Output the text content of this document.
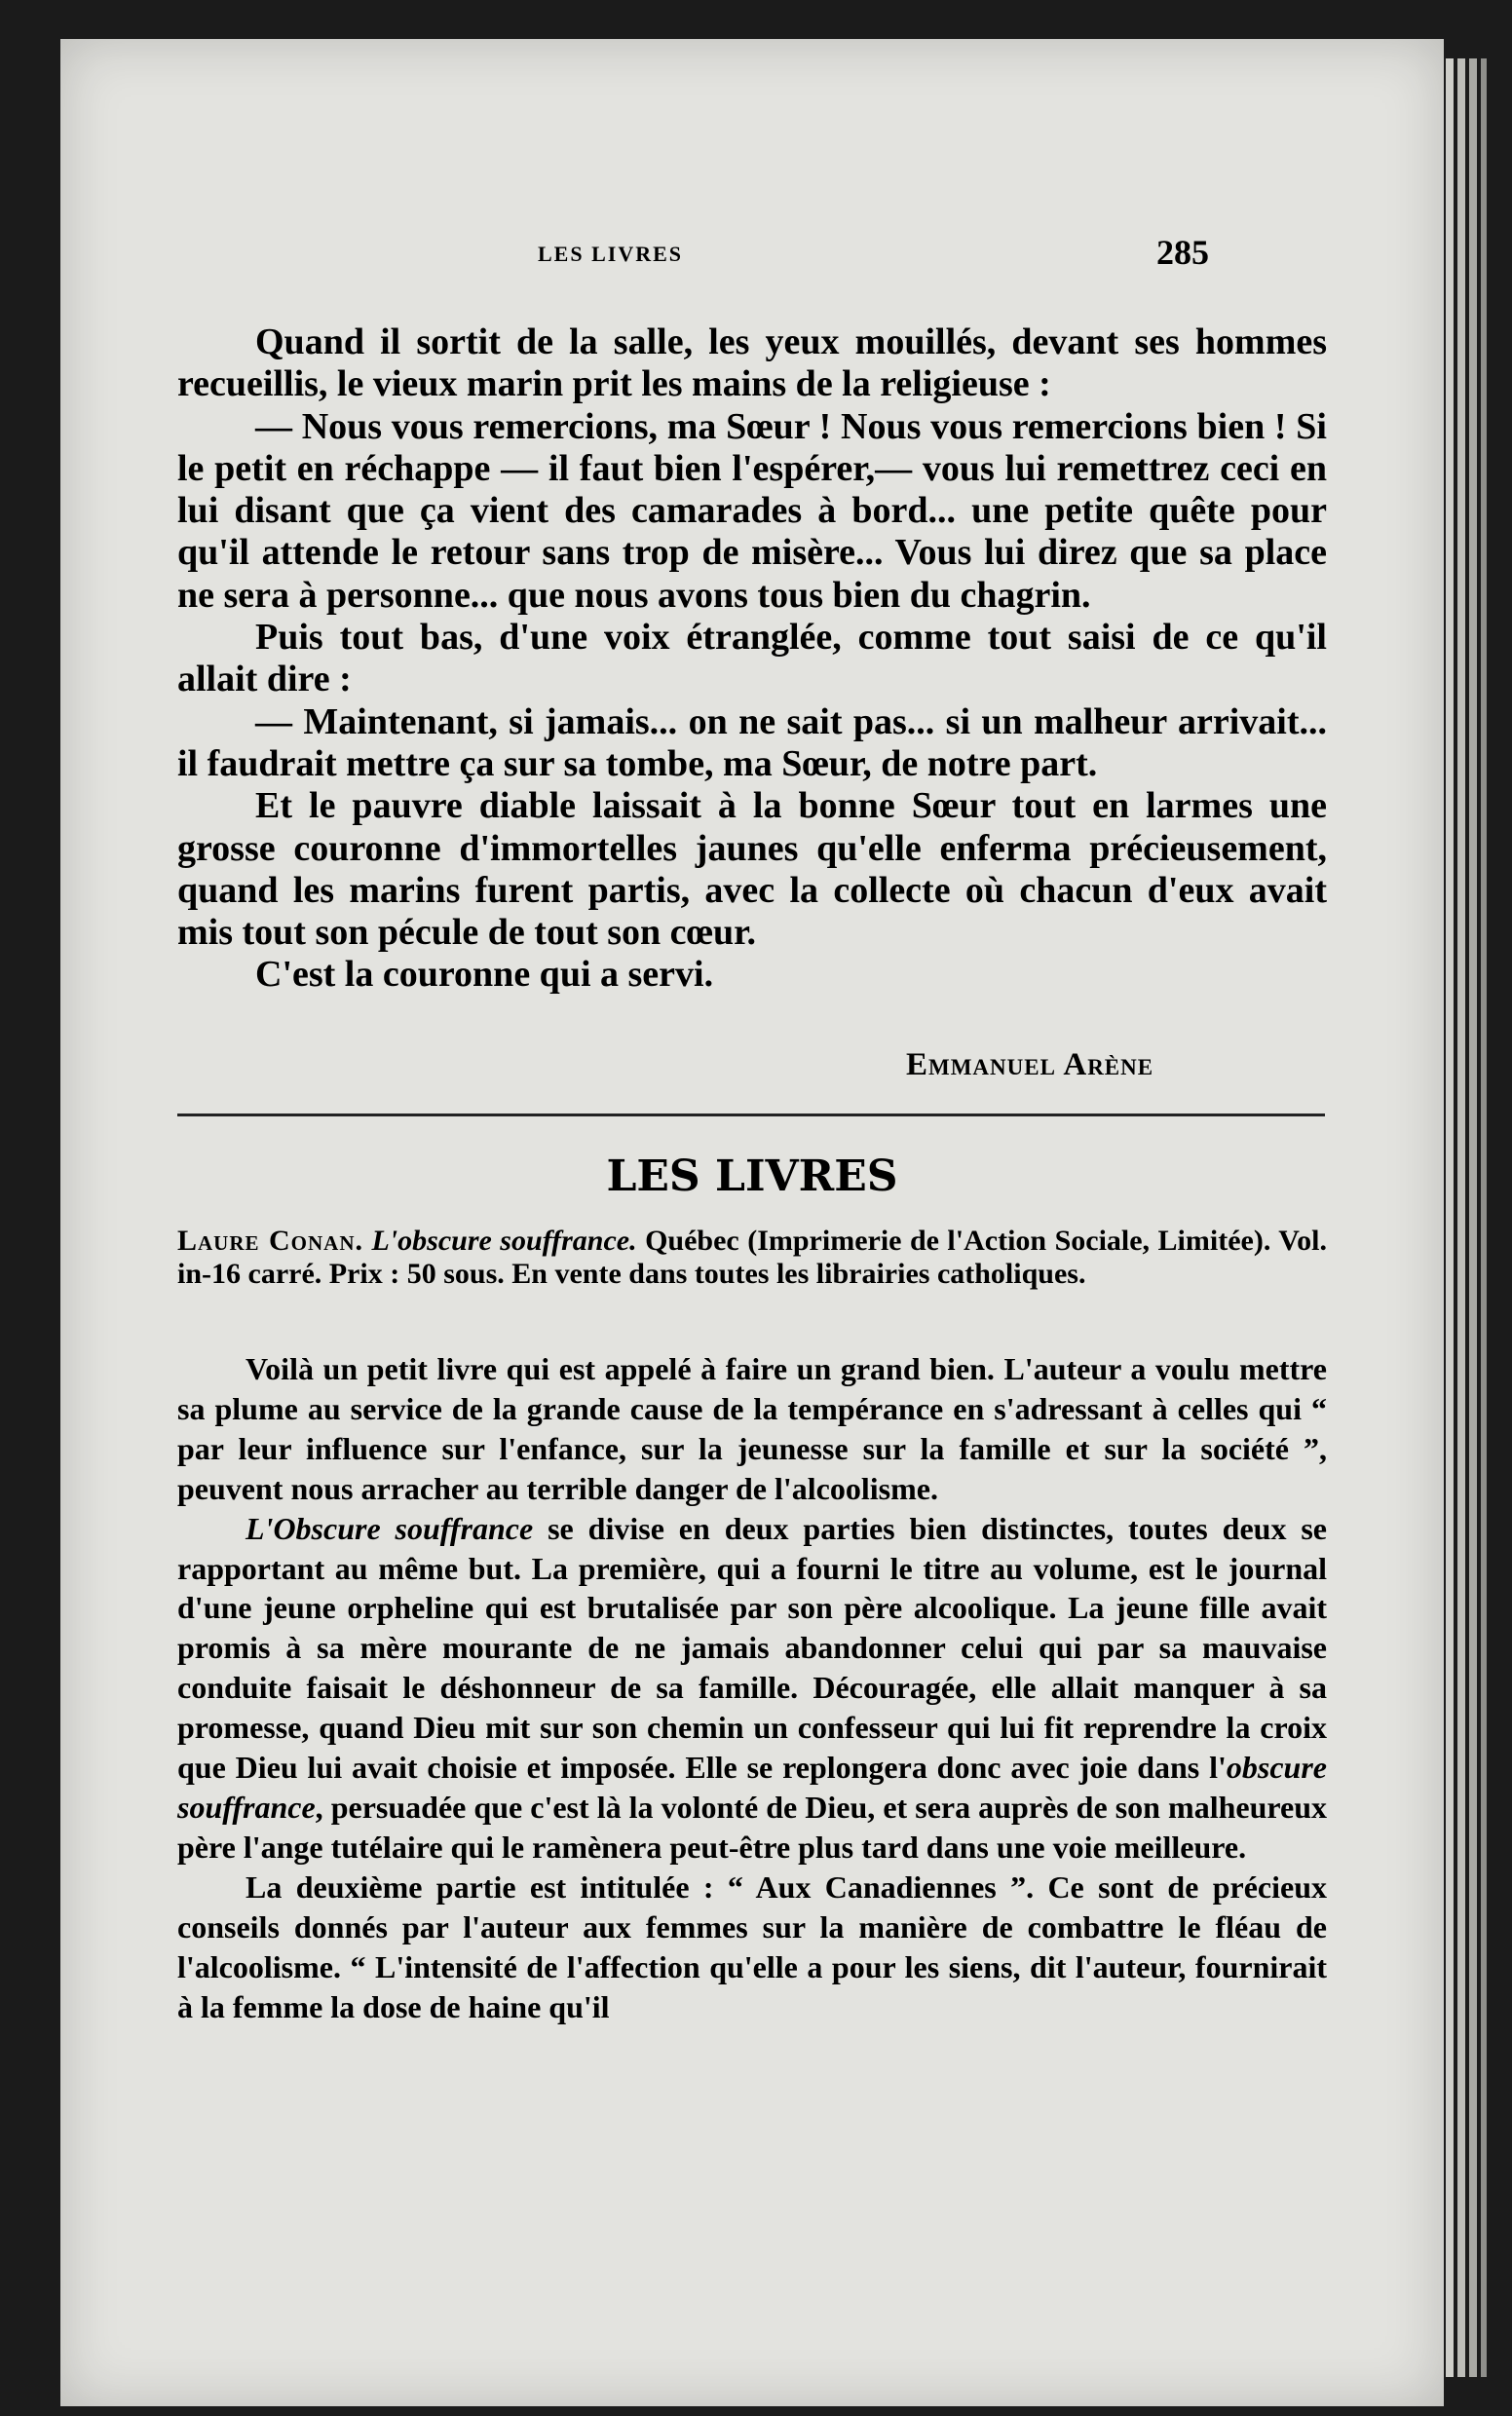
LES LIVRES	285

Quand il sortit de la salle, les yeux mouillés, devant ses hommes recueillis, le vieux marin prit les mains de la religieuse :

— Nous vous remercions, ma Sœur ! Nous vous remercions bien ! Si le petit en réchappe — il faut bien l'espérer,— vous lui remettrez ceci en lui disant que ça vient des camarades à bord... une petite quête pour qu'il attende le retour sans trop de misère... Vous lui direz que sa place ne sera à personne... que nous avons tous bien du chagrin.

Puis tout bas, d'une voix étranglée, comme tout saisi de ce qu'il allait dire :

— Maintenant, si jamais... on ne sait pas... si un malheur arrivait... il faudrait mettre ça sur sa tombe, ma Sœur, de notre part.

Et le pauvre diable laissait à la bonne Sœur tout en larmes une grosse couronne d'immortelles jaunes qu'elle enferma précieusement, quand les marins furent partis, avec la collecte où chacun d'eux avait mis tout son pécule de tout son cœur.

C'est la couronne qui a servi.

Emmanuel Arène
LES LIVRES
Laure Conan. L'obscure souffrance. Québec (Imprimerie de l'Action Sociale, Limitée). Vol. in-16 carré. Prix : 50 sous. En vente dans toutes les librairies catholiques.

Voilà un petit livre qui est appelé à faire un grand bien. L'auteur a voulu mettre sa plume au service de la grande cause de la tempérance en s'adressant à celles qui “ par leur influence sur l'enfance, sur la jeunesse sur la famille et sur la société ”, peuvent nous arracher au terrible danger de l'alcoolisme.

L'Obscure souffrance se divise en deux parties bien distinctes, toutes deux se rapportant au même but. La première, qui a fourni le titre au volume, est le journal d'une jeune orpheline qui est brutalisée par son père alcoolique. La jeune fille avait promis à sa mère mourante de ne jamais abandonner celui qui par sa mauvaise conduite faisait le déshonneur de sa famille. Découragée, elle allait manquer à sa promesse, quand Dieu mit sur son chemin un confesseur qui lui fit reprendre la croix que Dieu lui avait choisie et imposée. Elle se replongera donc avec joie dans l'obscure souffrance, persuadée que c'est là la volonté de Dieu, et sera auprès de son malheureux père l'ange tutélaire qui le ramènera peut-être plus tard dans une voie meilleure.

La deuxième partie est intitulée : “ Aux Canadiennes ”. Ce sont de précieux conseils donnés par l'auteur aux femmes sur la manière de combattre le fléau de l'alcoolisme. “ L'intensité de l'affection qu'elle a pour les siens, dit l'auteur, fournirait à la femme la dose de haine qu'il
